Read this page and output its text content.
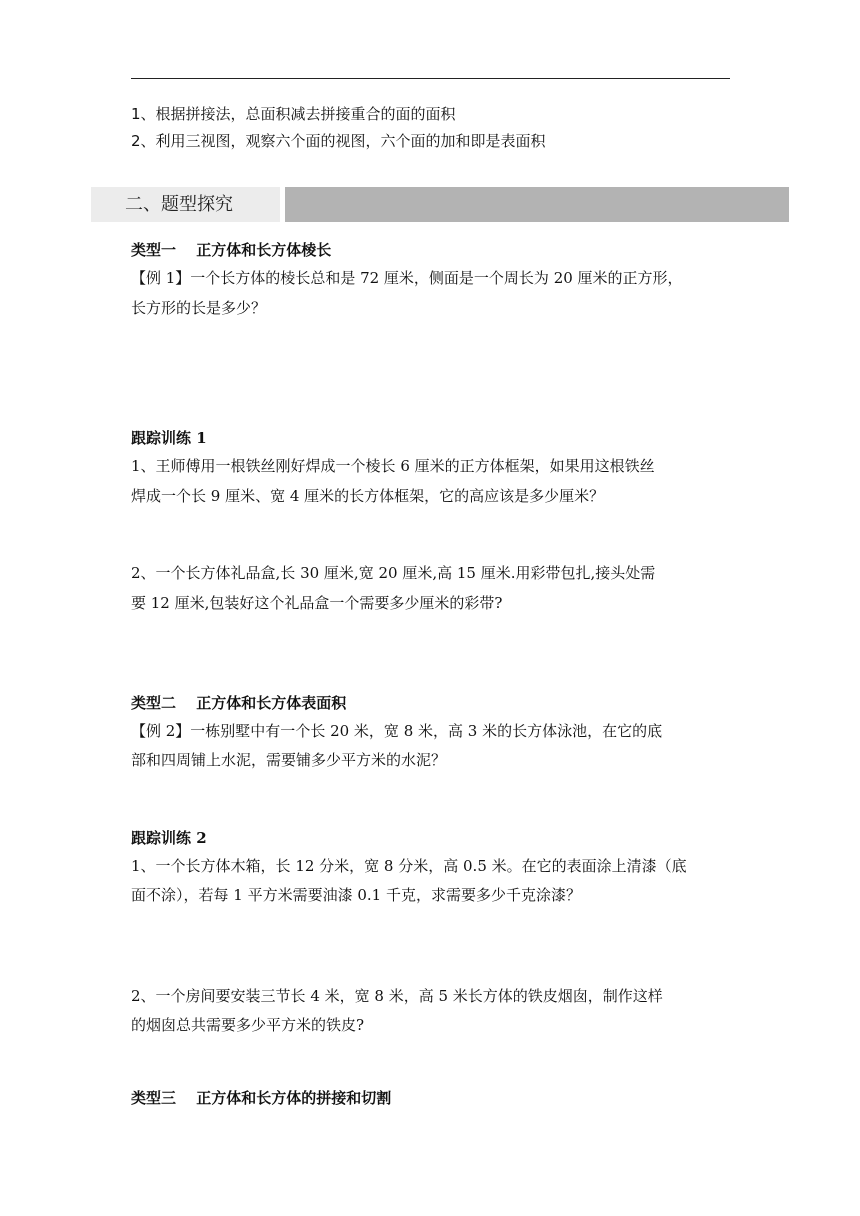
1、根据拼接法，总面积减去拼接重合的面的面积
2、利用三视图，观察六个面的视图，六个面的加和即是表面积
二、题型探究
类型一　 正方体和长方体棱长
【例 1】一个长方体的棱长总和是 72 厘米，侧面是一个周长为 20 厘米的正方形，
长方形的长是多少？
跟踪训练 1
1、王师傅用一根铁丝刚好焊成一个棱长 6 厘米的正方体框架，如果用这根铁丝
焊成一个长 9 厘米、宽 4 厘米的长方体框架，它的高应该是多少厘米？
2、一个长方体礼品盒,长 30 厘米,宽 20 厘米,高 15 厘米.用彩带包扎,接头处需
要 12 厘米,包装好这个礼品盒一个需要多少厘米的彩带?
类型二　 正方体和长方体表面积
【例 2】一栋别墅中有一个长 20 米，宽 8 米，高 3 米的长方体泳池，在它的底
部和四周铺上水泥，需要铺多少平方米的水泥？
跟踪训练 2
1、一个长方体木箱，长 12 分米，宽 8 分米，高 0.5 米。在它的表面涂上清漆（底
面不涂），若每 1 平方米需要油漆 0.1 千克，求需要多少千克涂漆？
2、一个房间要安装三节长 4 米，宽 8 米，高 5 米长方体的铁皮烟囱，制作这样
的烟囱总共需要多少平方米的铁皮?
类型三　 正方体和长方体的拼接和切割
